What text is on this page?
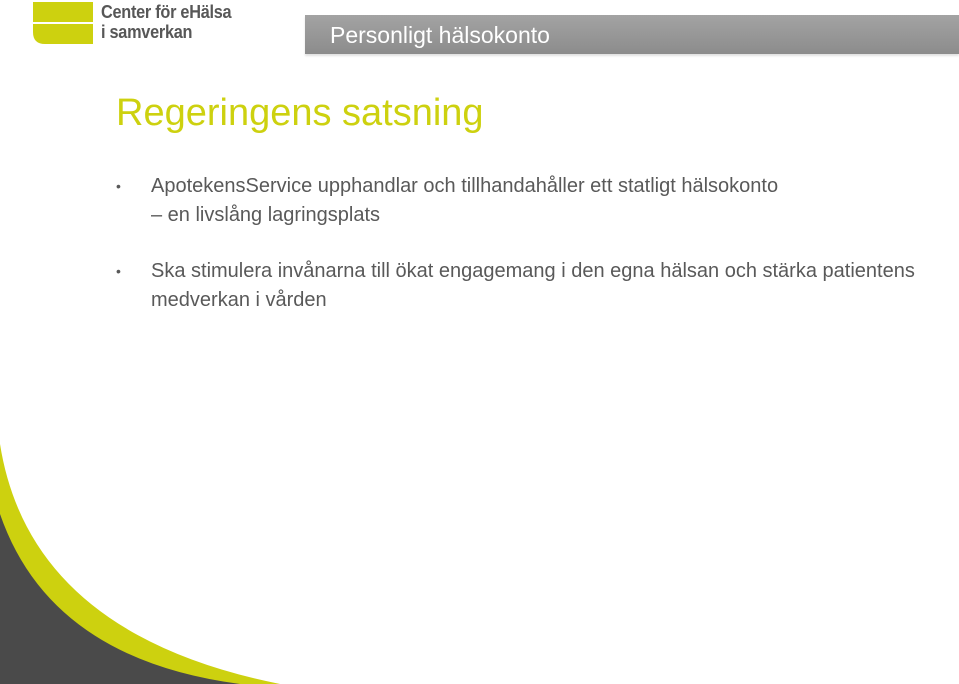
Center för eHälsa
i samverkan	Personligt hälsokonto
Regeringens satsning
• ApotekensService upphandlar och tillhandahåller ett statligt hälsokonto – en livslång lagringsplats
• Ska stimulera invånarna till ökat engagemang i den egna hälsan och stärka patientens medverkan i vården
